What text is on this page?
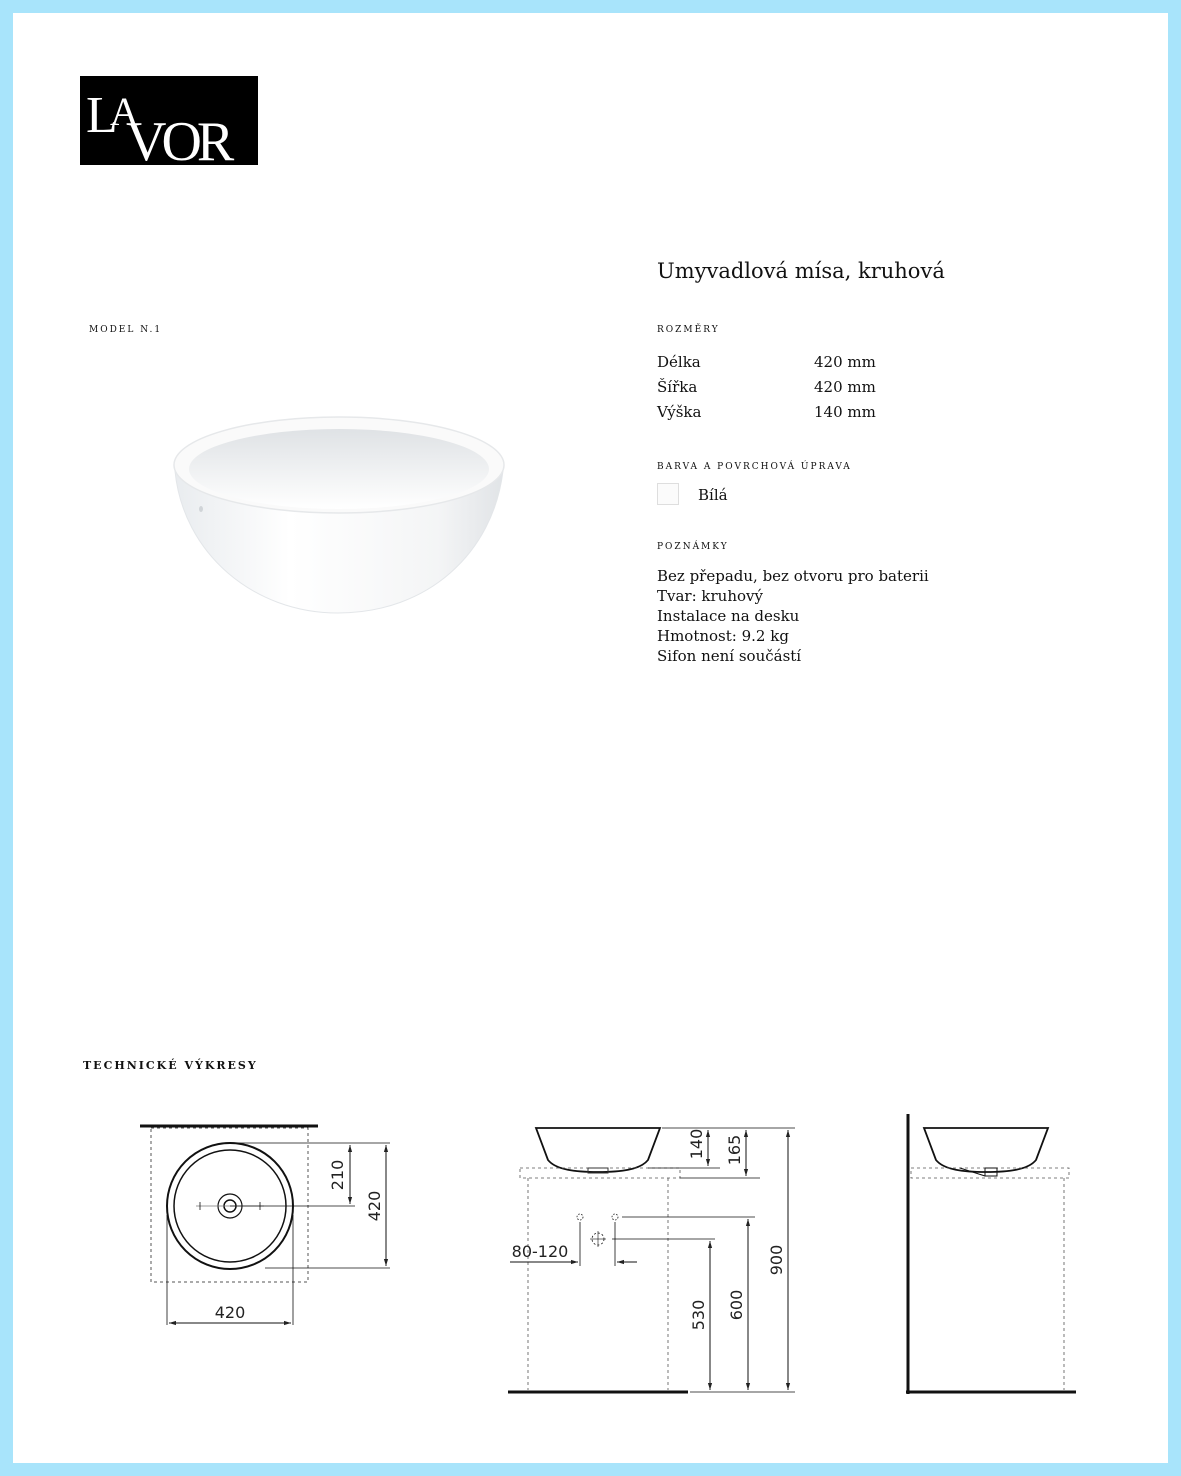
L
A
VOR
MODEL N.1
Umyvadlová mísa, kruhová
ROZMĚRY
Délka	420 mm
Šířka	420 mm
Výška	140 mm
BARVA A POVRCHOVÁ ÚPRAVA
Bílá
POZNÁMKY
Bez přepadu, bez otvoru pro baterii
Tvar: kruhový
Instalace na desku
Hmotnost: 9.2 kg
Sifon není součástí
TECHNICKÉ VÝKRESY
420
210
420
80-120
140 165
530 600
900
